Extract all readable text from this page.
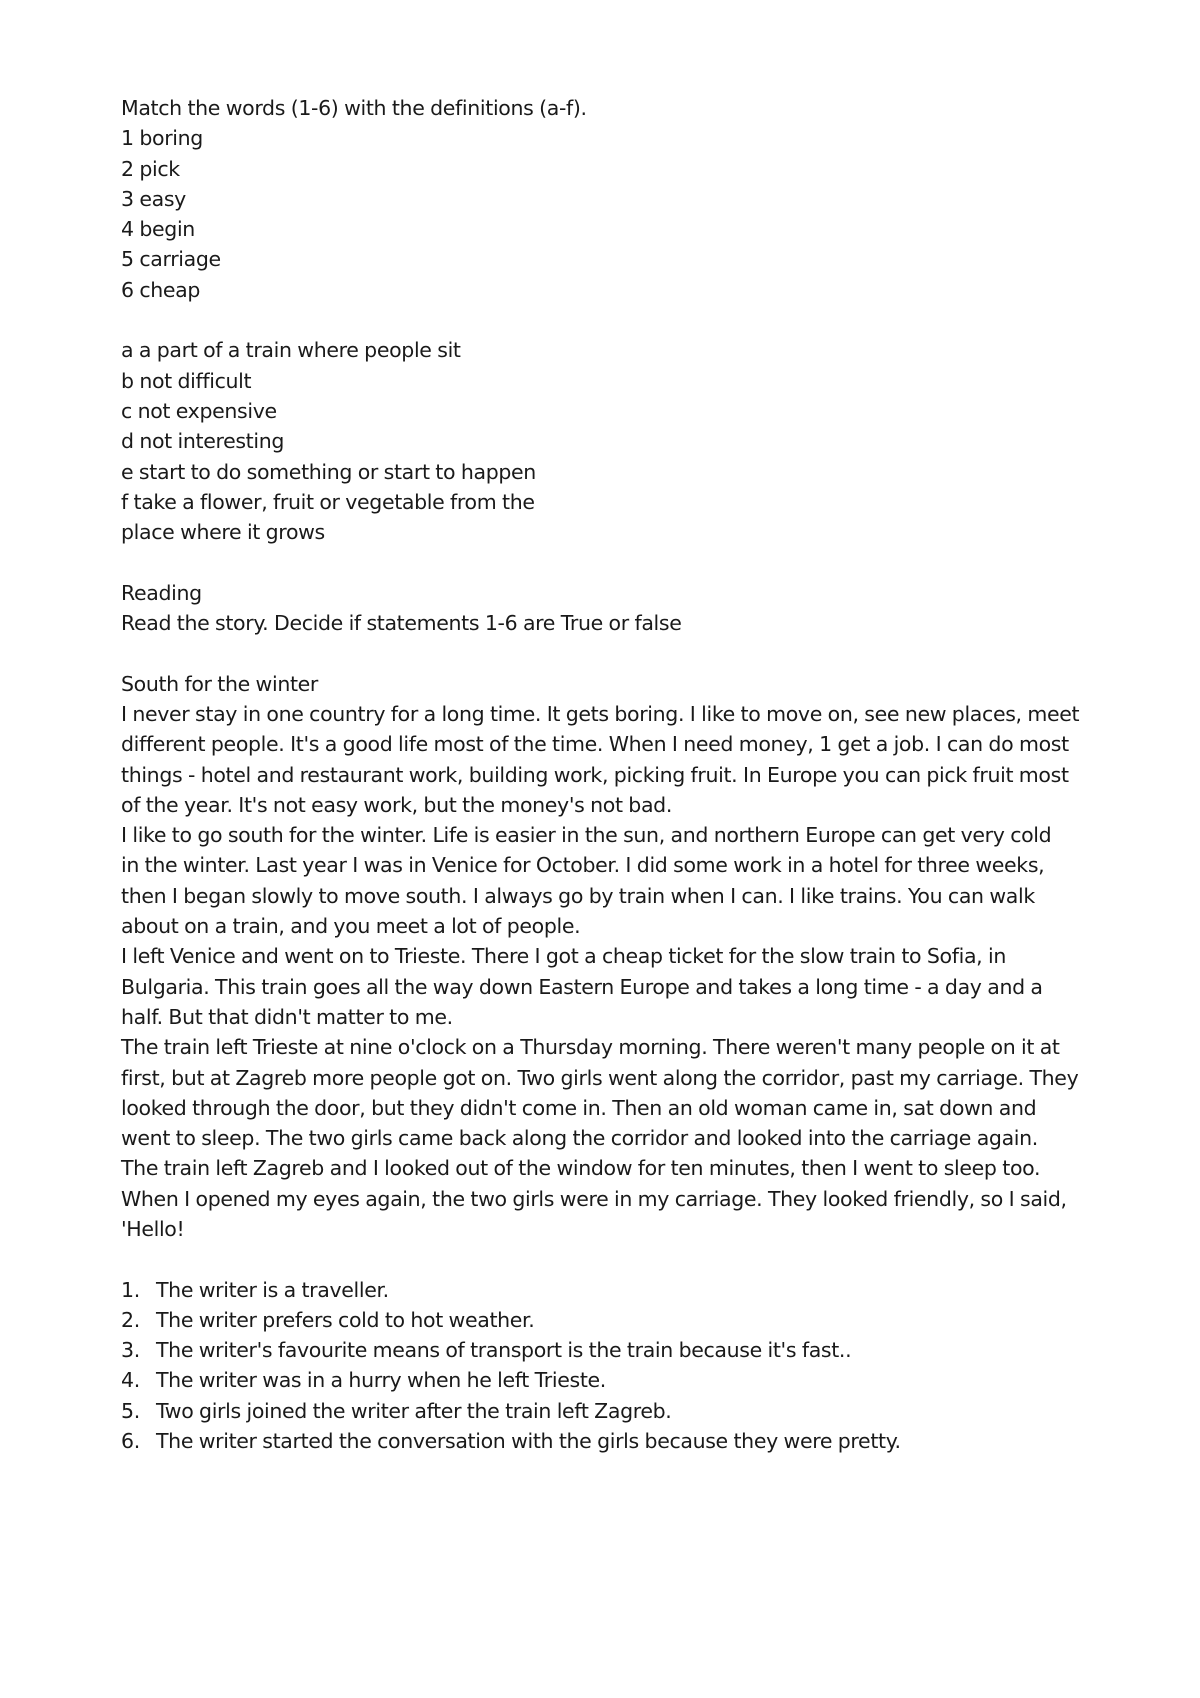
Match the words (1-6) with the definitions (a-f).
1 boring
2 pick
3 easy
4 begin
5 carriage
6 cheap
a a part of a train where people sit
b not difficult
c not expensive
d not interesting
e start to do something or start to happen
f take a flower, fruit or vegetable from the
place where it grows
Reading
Read the story. Decide if statements 1-6 are True or false
South for the winter
I never stay in one country for a long time. It gets boring. I like to move on, see new places, meet
different people. It's a good life most of the time. When I need money, 1 get a job. I can do most
things - hotel and restaurant work, building work, picking fruit. In Europe you can pick fruit most
of the year. It's not easy work, but the money's not bad.
I like to go south for the winter. Life is easier in the sun, and northern Europe can get very cold
in the winter. Last year I was in Venice for October. I did some work in a hotel for three weeks,
then I began slowly to move south. I always go by train when I can. I like trains. You can walk
about on a train, and you meet a lot of people.
I left Venice and went on to Trieste. There I got a cheap ticket for the slow train to Sofia, in
Bulgaria. This train goes all the way down Eastern Europe and takes a long time - a day and a
half. But that didn't matter to me.
The train left Trieste at nine o'clock on a Thursday morning. There weren't many people on it at
first, but at Zagreb more people got on. Two girls went along the corridor, past my carriage. They
looked through the door, but they didn't come in. Then an old woman came in, sat down and
went to sleep. The two girls came back along the corridor and looked into the carriage again.
The train left Zagreb and I looked out of the window for ten minutes, then I went to sleep too.
When I opened my eyes again, the two girls were in my carriage. They looked friendly, so I said,
'Hello!
1. The writer is a traveller.
2. The writer prefers cold to hot weather.
3. The writer's favourite means of transport is the train because it's fast..
4. The writer was in a hurry when he left Trieste.
5. Two girls joined the writer after the train left Zagreb.
6. The writer started the conversation with the girls because they were pretty.
